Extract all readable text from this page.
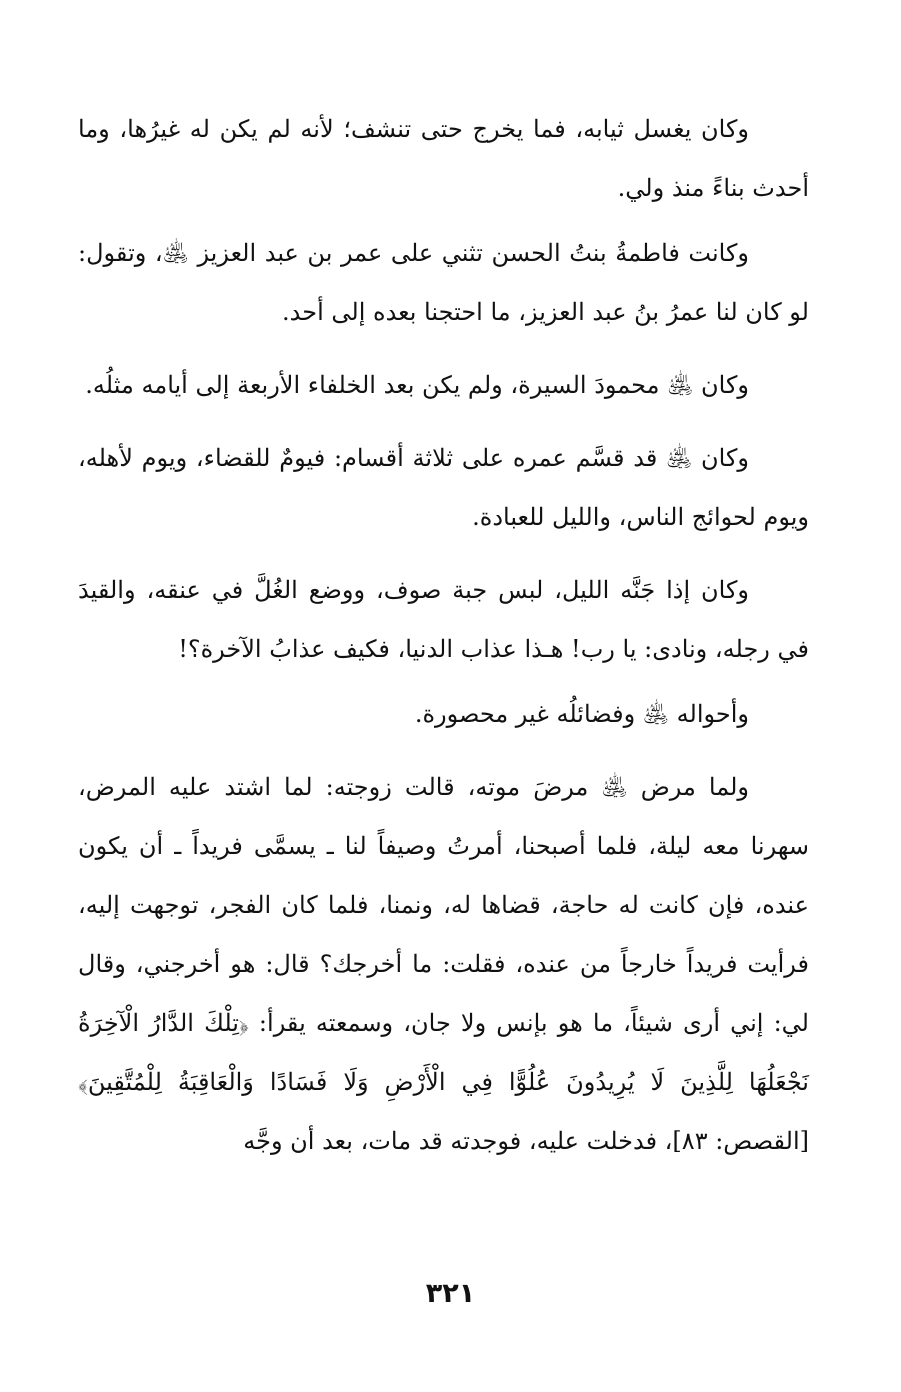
وكان يغسل ثيابه، فما يخرج حتى تنشف؛ لأنه لم يكن له غيرُها، وما أحدث بناءً منذ ولي.

وكانت فاطمةُ بنتُ الحسن تثني على عمر بن عبد العزيز ﵁، وتقول: لو كان لنا عمرُ بنُ عبد العزيز، ما احتجنا بعده إلى أحد.

وكان ﵁ محمودَ السيرة، ولم يكن بعد الخلفاء الأربعة إلى أيامه مثلُه.

وكان ﵁ قد قسَّم عمره على ثلاثة أقسام: فيومٌ للقضاء، ويوم لأهله، ويوم لحوائج الناس، والليل للعبادة.

وكان إذا جَنَّه الليل، لبس جبة صوف، ووضع الغُلَّ في عنقه، والقيدَ في رجله، ونادى: يا رب! هـذا عذاب الدنيا، فكيف عذابُ الآخرة؟!

وأحواله ﵁ وفضائلُه غير محصورة.

ولما مرض ﵁ مرضَ موته، قالت زوجته: لما اشتد عليه المرض، سهرنا معه ليلة، فلما أصبحنا، أمرتُ وصيفاً لنا ـ يسمَّى فريداً ـ أن يكون عنده، فإن كانت له حاجة، قضاها له، ونمنا، فلما كان الفجر، توجهت إليه، فرأيت فريداً خارجاً من عنده، فقلت: ما أخرجك؟ قال: هو أخرجني، وقال لي: إني أرى شيئاً، ما هو بإنس ولا جان، وسمعته يقرأ: ﴿تِلْكَ الدَّارُ الْآخِرَةُ نَجْعَلُهَا لِلَّذِينَ لَا يُرِيدُونَ عُلُوًّا فِي الْأَرْضِ وَلَا فَسَادًا وَالْعَاقِبَةُ لِلْمُتَّقِينَ﴾ [القصص: ٨٣]، فدخلت عليه، فوجدته قد مات، بعد أن وجَّه

٣٢١
